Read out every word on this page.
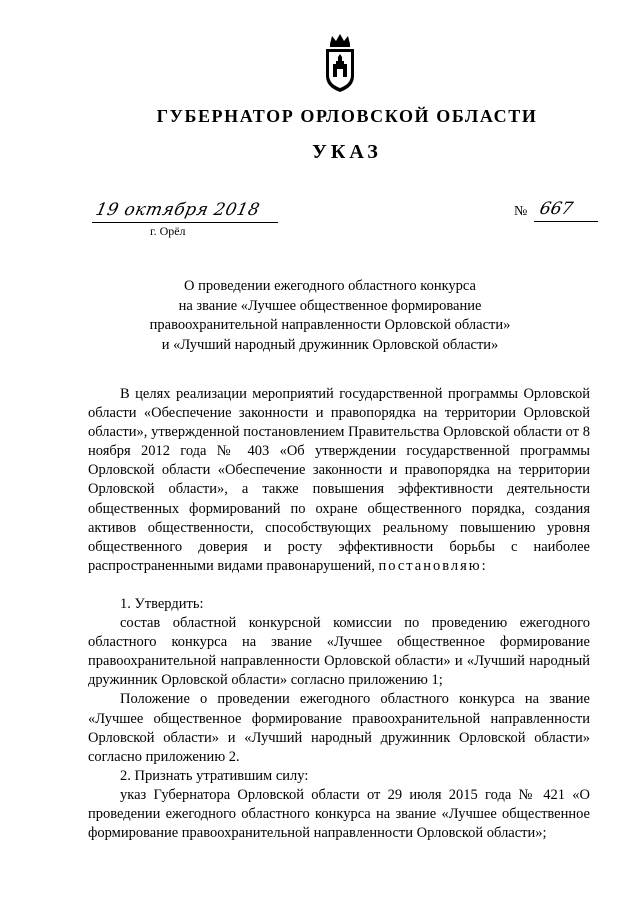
ГУБЕРНАТОР ОРЛОВСКОЙ ОБЛАСТИ
УКАЗ
19 октября 2018
г. Орёл
№ 667
О проведении ежегодного областного конкурса
на звание «Лучшее общественное формирование
правоохранительной направленности Орловской области»
и «Лучший народный дружинник Орловской области»

В целях реализации мероприятий государственной программы Орловской области «Обеспечение законности и правопорядка на территории Орловской области», утвержденной постановлением Правительства Орловской области от 8 ноября 2012 года № 403 «Об утверждении государственной программы Орловской области «Обеспечение законности и правопорядка на территории Орловской области», а также повышения эффективности деятельности общественных формирований по охране общественного порядка, создания активов общественности, способствующих реальному повышению уровня общественного доверия и росту эффективности борьбы с наиболее распространенными видами правонарушений, постановляю:

1. Утвердить:

состав областной конкурсной комиссии по проведению ежегодного областного конкурса на звание «Лучшее общественное формирование правоохранительной направленности Орловской области» и «Лучший народный дружинник Орловской области» согласно приложению 1;

Положение о проведении ежегодного областного конкурса на звание «Лучшее общественное формирование правоохранительной направленности Орловской области» и «Лучший народный дружинник Орловской области» согласно приложению 2.

2. Признать утратившим силу:

указ Губернатора Орловской области от 29 июля 2015 года № 421 «О проведении ежегодного областного конкурса на звание «Лучшее общественное формирование правоохранительной направленности Орловской области»;
